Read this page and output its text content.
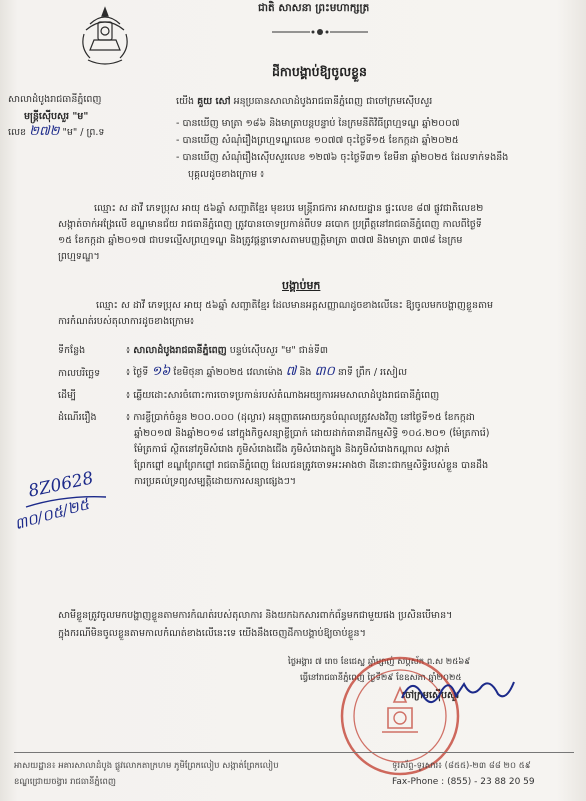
ជាតិ សាសនា ព្រះមហាក្សត្រ
សាលាដំបូងរាជធានីភ្នំពេញ
មន្ត្រីស៊ើបសួរ "ម"
លេខ ២៧២ "ម" / ព្រ.ទ
ដីកាបង្គាប់ឱ្យចូលខ្លួន
យើង គួយ សៅ អនុប្រធានសាលាដំបូងរាជធានីភ្នំពេញ ជាចៅក្រមស៊ើបសួរ
- បានឃើញ មាត្រា ១៨៦ និងមាត្រាបន្តបន្ទាប់ នៃក្រមនីតិវិធីព្រហ្មទណ្ឌ ឆ្នាំ២០០៧
- បានឃើញ សំណុំរឿងព្រហ្មទណ្ឌលេខ ១០៧៧ ចុះថ្ងៃទី១៥ ខែកក្កដា ឆ្នាំ២០២៥
- បានឃើញ សំណុំរឿងស៊ើបសួរលេខ ១២៧៦ ចុះថ្ងៃទី៣១ ខែមីនា ឆ្នាំ២០២៥ ដែលទាក់ទងនឹង
បុគ្គលដូចខាងក្រោម ៖
ឈ្មោះ ស ដាវី ភេទប្រុស អាយុ ៥៦ឆ្នាំ សញ្ជាតិខ្មែរ មុខរបរ មន្ត្រីរាជការ អាសយដ្ឋាន ផ្ទះលេខ ៨៧ ផ្លូវជាតិលេខ២
សង្កាត់ចាក់អង្រែលើ ខណ្ឌមានជ័យ រាជធានីភ្នំពេញ ត្រូវបានចោទប្រកាន់ពីបទ ឆបោក ប្រព្រឹត្តនៅរាជធានីភ្នំពេញ កាលពីថ្ងៃទី
១៥ ខែកក្កដា ឆ្នាំ២០១៧ ជាបទល្មើសព្រហ្មទណ្ឌ និងត្រូវផ្តន្ទាទោសតាមបញ្ញត្តិមាត្រា ៣៧៧ និងមាត្រា ៣៧៨ នៃក្រម
ព្រហ្មទណ្ឌ។
បង្គាប់មក
ឈ្មោះ ស ដាវី ភេទប្រុស អាយុ ៥៦ឆ្នាំ សញ្ជាតិខ្មែរ ដែលមានអត្តសញ្ញាណដូចខាងលើនេះ ឱ្យចូលមកបង្ហាញខ្លួនតាម
ការកំណត់របស់តុលាការដូចខាងក្រោម៖
ទីកន្លែង	៖ សាលាដំបូងរាជធានីភ្នំពេញ បន្ទប់ស៊ើបសួរ "ម" ជាន់ទី៣
កាលបរិច្ឆេទ	៖ ថ្ងៃទី ១៦ ខែមិថុនា ឆ្នាំ២០២៥ វេលាម៉ោង ៧ និង ៣០ នាទី ព្រឹក / រសៀល
ដើម្បី	៖ ឆ្លើយដោះសារចំពោះការចោទប្រកាន់របស់តំណាងអយ្យការអមសាលាដំបូងរាជធានីភ្នំពេញ
ដំណើររឿង	៖ ការខ្ចីប្រាក់ចំនួន ២០០.០០០ (ដុល្លារ) អនុញ្ញាតអោយកូនបំណុលត្រូវសងវិញ នៅថ្ងៃទី១៥ ខែកក្កដា
ឆ្នាំ២០១៧ និងឆ្នាំ២០១៨ នៅក្នុងកិច្ចសន្យាខ្ចីប្រាក់ ដោយដាក់ធានាដីកម្មសិទ្ធិ ១០៤.២០១ (ម៉ែត្រការ៉េ)
ម៉ែត្រការ៉េ ស្ថិតនៅភូមិសំរោង ភូមិសំរោងជើង ភូមិសំរោងត្បូង និងភូមិសំរោងកណ្តាល សង្កាត់
ព្រែកព្នៅ ខណ្ឌព្រែកព្នៅ រាជធានីភ្នំពេញ ដែលជនត្រូវចោទអះអាងថា ដីនោះជាកម្មសិទ្ធិរបស់ខ្លួន បានដឹង
ការប្រគល់ទ្រព្យសម្បត្តិដោយការសន្យាផ្សេងៗ។
8Z0628
៣០/០៥/២៥
សាមីខ្លួនត្រូវចូលមកបង្ហាញខ្លួនតាមការកំណត់របស់តុលាការ និងយកឯកសារពាក់ព័ន្ធមកជាមួយផង ប្រសិនបើមាន។
ក្នុងករណីមិនចូលខ្លួនតាមកាលកំណត់ខាងលើនេះទេ យើងនឹងចេញដីកាបង្គាប់ឱ្យចាប់ខ្លួន។
ថ្ងៃអង្គារ ៧ រោច ខែជេស្ឋ ឆ្នាំម្សាញ់ សប្តស័ក ព.ស ២៥៦៩
ធ្វើនៅរាជធានីភ្នំពេញ ថ្ងៃទី២៩ ខែឧសភា ឆ្នាំ២០២៥
ចៅក្រមស៊ើបសួរ
អាសយដ្ឋាន៖ អគារសាលាដំបូង ផ្លូវលោកតាក្រហម ភូមិព្រែកលៀប សង្កាត់ព្រែកលៀប
ខណ្ឌជ្រោយចង្វារ រាជធានីភ្នំពេញ
ទូរស័ព្ទ-ទូរសារ៖ (៨៥៥)-២៣ ៨៨ ២០ ៥៩
Fax-Phone : (855) - 23 88 20 59
